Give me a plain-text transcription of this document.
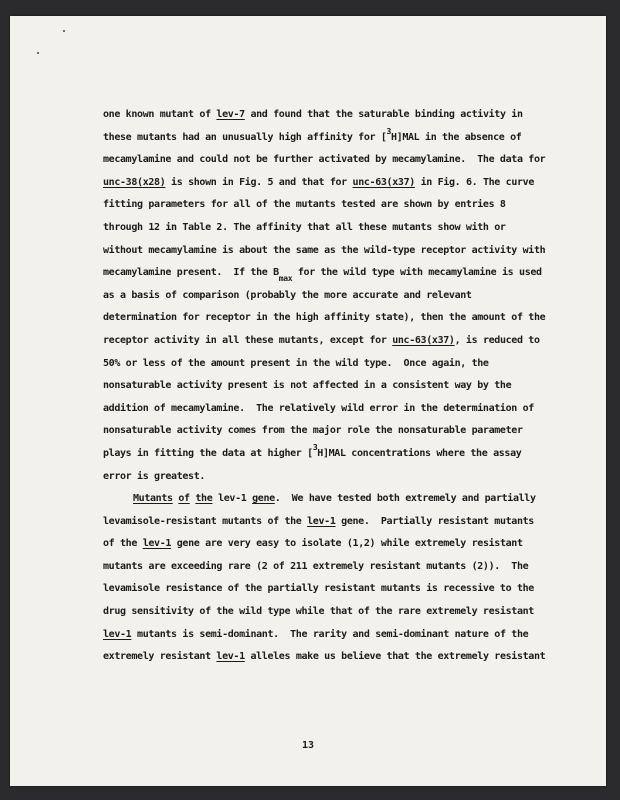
one known mutant of lev-7 and found that the saturable binding activity in
these mutants had an unusually high affinity for [$^3$H]MAL in the absence of
mecamylamine and could not be further activated by mecamylamine.  The data for
unc-38(x28) is shown in Fig. 5 and that for unc-63(x37) in Fig. 6. The curve
fitting parameters for all of the mutants tested are shown by entries 8
through 12 in Table 2. The affinity that all these mutants show with or
without mecamylamine is about the same as the wild-type receptor activity with
mecamylamine present.  If the $B_{max}$ for the wild type with mecamylamine is used
as a basis of comparison (probably the more accurate and relevant
determination for receptor in the high affinity state), then the amount of the
receptor activity in all these mutants, except for unc-63(x37), is reduced to
50% or less of the amount present in the wild type.  Once again, the
nonsaturable activity present is not affected in a consistent way by the
addition of mecamylamine.  The relatively wild error in the determination of
nonsaturable activity comes from the major role the nonsaturable parameter
plays in fitting the data at higher [$^3$H]MAL concentrations where the assay
error is greatest.
Mutants of the lev-1 gene.  We have tested both extremely and partially
levamisole-resistant mutants of the lev-1 gene.  Partially resistant mutants
of the lev-1 gene are very easy to isolate (1,2) while extremely resistant
mutants are exceeding rare (2 of 211 extremely resistant mutants (2)).  The
levamisole resistance of the partially resistant mutants is recessive to the
drug sensitivity of the wild type while that of the rare extremely resistant
lev-1 mutants is semi-dominant.  The rarity and semi-dominant nature of the
extremely resistant lev-1 alleles make us believe that the extremely resistant
13
